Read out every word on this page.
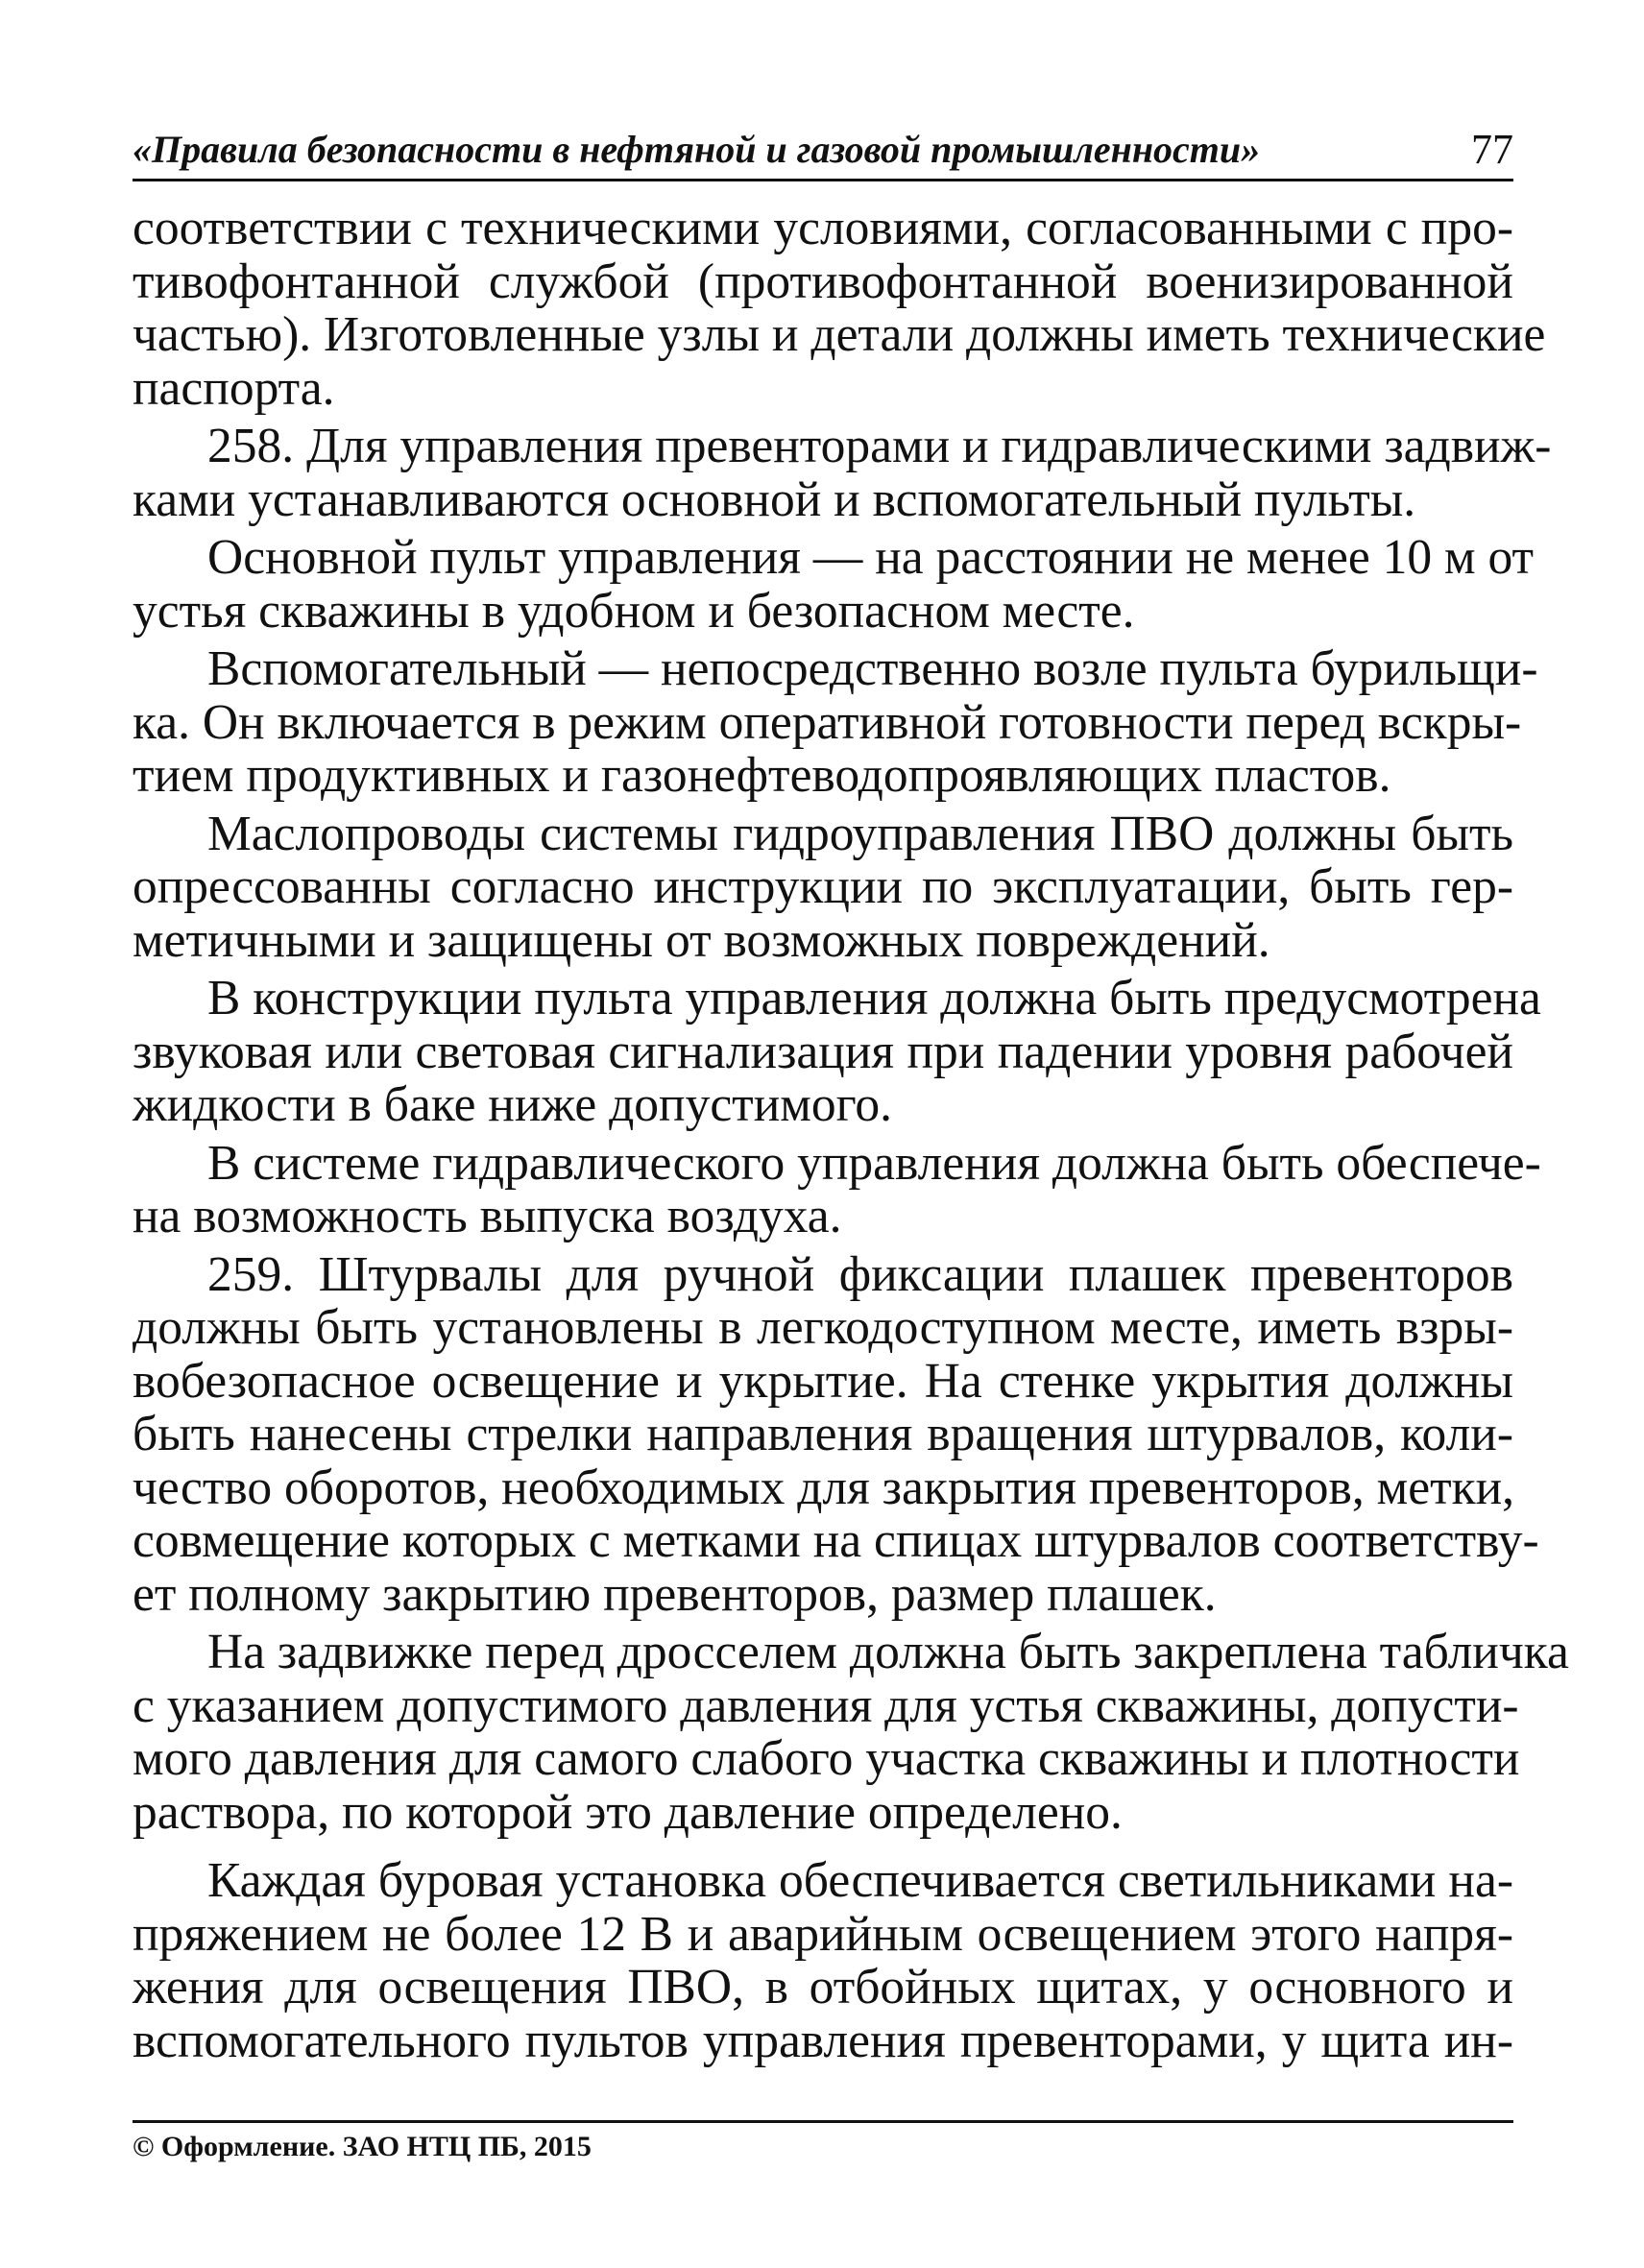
«Правила безопасности в нефтяной и газовой промышленности»	77
соответствии с техническими условиями, согласованными с про-
тивофонтанной службой (противофонтанной военизированной
частью). Изготовленные узлы и детали должны иметь технические
паспорта.
258. Для управления превенторами и гидравлическими задвиж-
ками устанавливаются основной и вспомогательный пульты.
Основной пульт управления — на расстоянии не менее 10 м от
устья скважины в удобном и безопасном месте.
Вспомогательный — непосредственно возле пульта бурильщи-
ка. Он включается в режим оперативной готовности перед вскры-
тием продуктивных и газонефтеводопроявляющих пластов.
Маслопроводы системы гидроуправления ПВО должны быть
опрессованны согласно инструкции по эксплуатации, быть гер-
метичными и защищены от возможных повреждений.
В конструкции пульта управления должна быть предусмотрена
звуковая или световая сигнализация при падении уровня рабочей
жидкости в баке ниже допустимого.
В системе гидравлического управления должна быть обеспече-
на возможность выпуска воздуха.
259. Штурвалы для ручной фиксации плашек превенторов
должны быть установлены в легкодоступном месте, иметь взры-
вобезопасное освещение и укрытие. На стенке укрытия должны
быть нанесены стрелки направления вращения штурвалов, коли-
чество оборотов, необходимых для закрытия превенторов, метки,
совмещение которых с метками на спицах штурвалов соответству-
ет полному закрытию превенторов, размер плашек.
На задвижке перед дросселем должна быть закреплена табличка
с указанием допустимого давления для устья скважины, допусти-
мого давления для самого слабого участка скважины и плотности
раствора, по которой это давление определено.
Каждая буровая установка обеспечивается светильниками на-
пряжением не более 12 В и аварийным освещением этого напря-
жения для освещения ПВО, в отбойных щитах, у основного и
вспомогательного пультов управления превенторами, у щита ин-
© Оформление. ЗАО НТЦ ПБ, 2015
